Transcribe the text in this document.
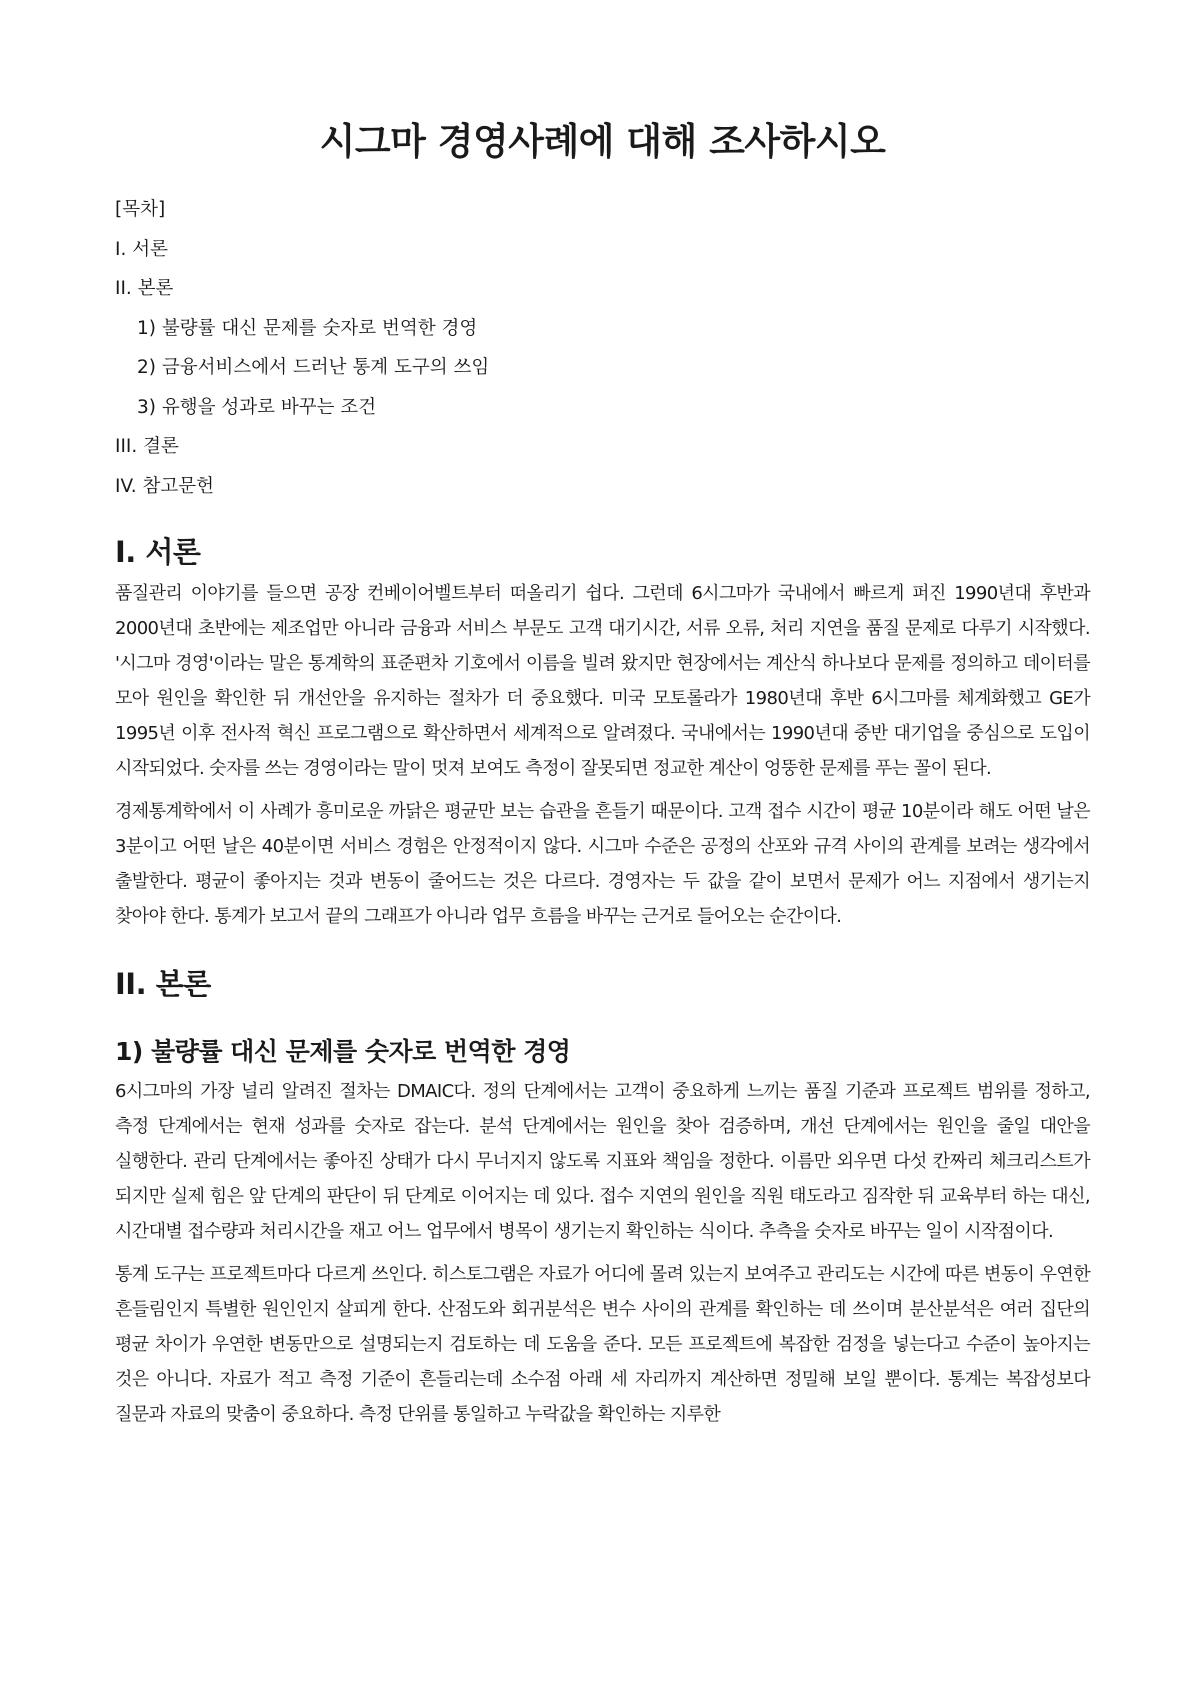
시그마 경영사례에 대해 조사하시오
[목차]
I. 서론
II. 본론
1) 불량률 대신 문제를 숫자로 번역한 경영
2) 금융서비스에서 드러난 통계 도구의 쓰임
3) 유행을 성과로 바꾸는 조건
III. 결론
IV. 참고문헌
I. 서론

품질관리 이야기를 들으면 공장 컨베이어벨트부터 떠올리기 쉽다. 그런데 6시그마가 국내에서 빠르게 퍼진 1990년대 후반과 2000년대 초반에는 제조업만 아니라 금융과 서비스 부문도 고객 대기시간, 서류 오류, 처리 지연을 품질 문제로 다루기 시작했다. '시그마 경영'이라는 말은 통계학의 표준편차 기호에서 이름을 빌려 왔지만 현장에서는 계산식 하나보다 문제를 정의하고 데이터를 모아 원인을 확인한 뒤 개선안을 유지하는 절차가 더 중요했다. 미국 모토롤라가 1980년대 후반 6시그마를 체계화했고 GE가 1995년 이후 전사적 혁신 프로그램으로 확산하면서 세계적으로 알려졌다. 국내에서는 1990년대 중반 대기업을 중심으로 도입이 시작되었다. 숫자를 쓰는 경영이라는 말이 멋져 보여도 측정이 잘못되면 정교한 계산이 엉뚱한 문제를 푸는 꼴이 된다.

경제통계학에서 이 사례가 흥미로운 까닭은 평균만 보는 습관을 흔들기 때문이다. 고객 접수 시간이 평균 10분이라 해도 어떤 날은 3분이고 어떤 날은 40분이면 서비스 경험은 안정적이지 않다. 시그마 수준은 공정의 산포와 규격 사이의 관계를 보려는 생각에서 출발한다. 평균이 좋아지는 것과 변동이 줄어드는 것은 다르다. 경영자는 두 값을 같이 보면서 문제가 어느 지점에서 생기는지 찾아야 한다. 통계가 보고서 끝의 그래프가 아니라 업무 흐름을 바꾸는 근거로 들어오는 순간이다.

II. 본론
1) 불량률 대신 문제를 숫자로 번역한 경영

6시그마의 가장 널리 알려진 절차는 DMAIC다. 정의 단계에서는 고객이 중요하게 느끼는 품질 기준과 프로젝트 범위를 정하고, 측정 단계에서는 현재 성과를 숫자로 잡는다. 분석 단계에서는 원인을 찾아 검증하며, 개선 단계에서는 원인을 줄일 대안을 실행한다. 관리 단계에서는 좋아진 상태가 다시 무너지지 않도록 지표와 책임을 정한다. 이름만 외우면 다섯 칸짜리 체크리스트가 되지만 실제 힘은 앞 단계의 판단이 뒤 단계로 이어지는 데 있다. 접수 지연의 원인을 직원 태도라고 짐작한 뒤 교육부터 하는 대신, 시간대별 접수량과 처리시간을 재고 어느 업무에서 병목이 생기는지 확인하는 식이다. 추측을 숫자로 바꾸는 일이 시작점이다.

통계 도구는 프로젝트마다 다르게 쓰인다. 히스토그램은 자료가 어디에 몰려 있는지 보여주고 관리도는 시간에 따른 변동이 우연한 흔들림인지 특별한 원인인지 살피게 한다. 산점도와 회귀분석은 변수 사이의 관계를 확인하는 데 쓰이며 분산분석은 여러 집단의 평균 차이가 우연한 변동만으로 설명되는지 검토하는 데 도움을 준다. 모든 프로젝트에 복잡한 검정을 넣는다고 수준이 높아지는 것은 아니다. 자료가 적고 측정 기준이 흔들리는데 소수점 아래 세 자리까지 계산하면 정밀해 보일 뿐이다. 통계는 복잡성보다 질문과 자료의 맞춤이 중요하다. 측정 단위를 통일하고 누락값을 확인하는 지루한
